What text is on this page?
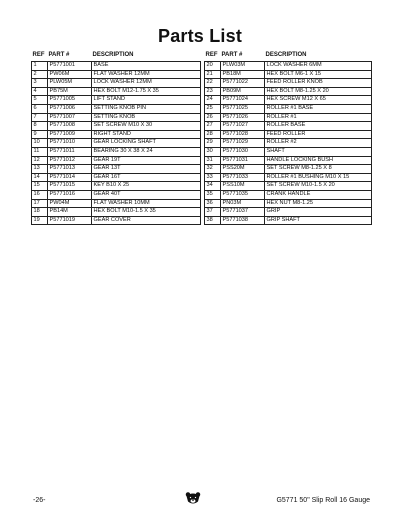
Parts List
REF	PART #	DESCRIPTION
1	P5771001	BASE
2	PW06M	FLAT WASHER 12MM
3	PLW05M	LOCK WASHER 12MM
4	PB75M	HEX BOLT M12-1.75 X 35
5	P5771005	LIFT STAND
6	P5771006	SETTING KNOB PIN
7	P5771007	SETTING KNOB
8	P5771008	SET SCREW M10 X 30
9	P5771009	RIGHT STAND
10	P5771010	GEAR LOCKING SHAFT
11	P5771011	BEARING 30 X 38 X 24
12	P5771012	GEAR 19T
13	P5771013	GEAR 13T
14	P5771014	GEAR 16T
15	P5771015	KEY B10 X 25
16	P5771016	GEAR 40T
17	PW04M	FLAT WASHER 10MM
18	PB14M	HEX BOLT M10-1.5 X 35
19	P5771019	GEAR COVER
REF	PART #	DESCRIPTION
20	PLW03M	LOCK WASHER 6MM
21	PB18M	HEX BOLT M6-1 X 15
22	P5771022	FEED ROLLER KNOB
23	PB09M	HEX BOLT M8-1.25 X 20
24	P5771024	HEX SCREW M12 X 65
25	P5771025	ROLLER #1 BASE
26	P5771026	ROLLER #1
27	P5771027	ROLLER BASE
28	P5771028	FEED ROLLER
29	P5771029	ROLLER #2
30	P5771030	SHAFT
31	P5771031	HANDLE LOCKING BUSH
32	PSS20M	SET SCREW M8-1.25 X 8
33	P5771033	ROLLER #1 BUSHING M10 X 15
34	PSS10M	SET SCREW M10-1.5 X 20
35	P5771035	CRANK HANDLE
36	PN03M	HEX NUT M8-1.25
37	P5771037	GRIP
38	P5771038	GRIP SHAFT
-26-	G5771 50" Slip Roll 16 Gauge
